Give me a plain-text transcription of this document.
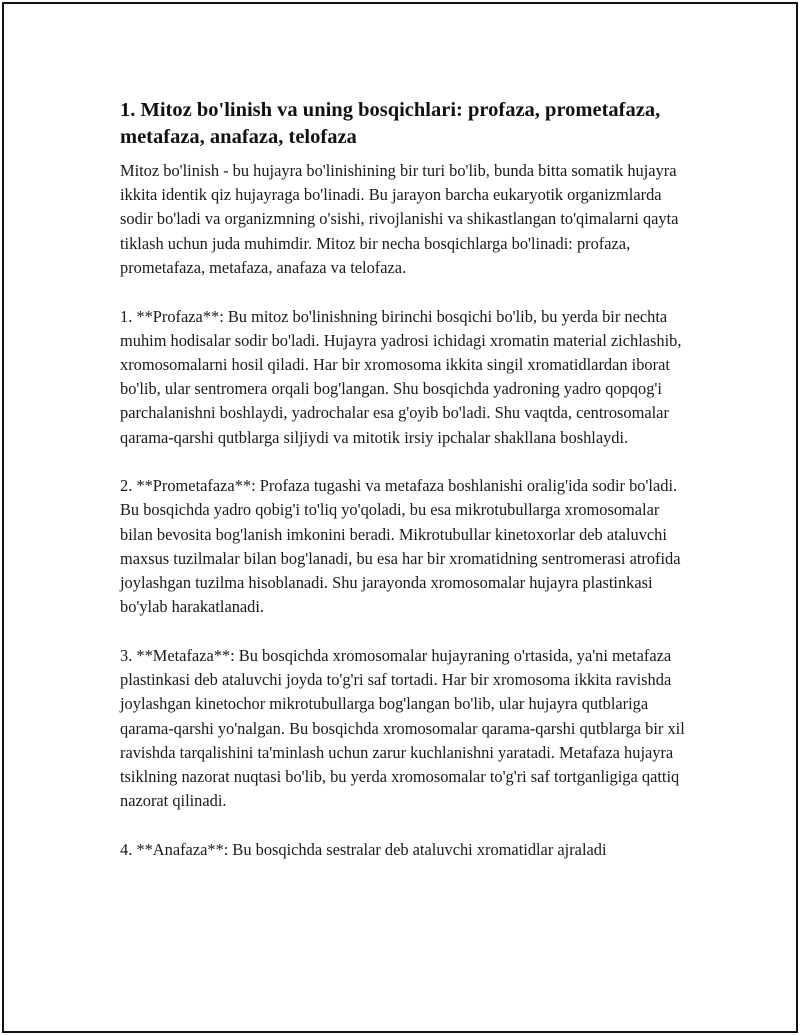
1. Mitoz bo'linish va uning bosqichlari: profaza, prometafaza, metafaza, anafaza, telofaza

Mitoz bo'linish - bu hujayra bo'linishining bir turi bo'lib, bunda bitta somatik hujayra ikkita identik qiz hujayraga bo'linadi. Bu jarayon barcha eukaryotik organizmlarda sodir bo'ladi va organizmning o'sishi, rivojlanishi va shikastlangan to'qimalarni qayta tiklash uchun juda muhimdir. Mitoz bir necha bosqichlarga bo'linadi: profaza, prometafaza, metafaza, anafaza va telofaza.

1. **Profaza**: Bu mitoz bo'linishning birinchi bosqichi bo'lib, bu yerda bir nechta muhim hodisalar sodir bo'ladi. Hujayra yadrosi ichidagi xromatin material zichlashib, xromosomalarni hosil qiladi. Har bir xromosoma ikkita singil xromatidlardan iborat bo'lib, ular sentromera orqali bog'langan. Shu bosqichda yadroning yadro qopqog'i parchalanishni boshlaydi, yadrochalar esa g'oyib bo'ladi. Shu vaqtda, centrosomalar qarama-qarshi qutblarga siljiydi va mitotik irsiy ipchalar shakllana boshlaydi.

2. **Prometafaza**: Profaza tugashi va metafaza boshlanishi oralig'ida sodir bo'ladi. Bu bosqichda yadro qobig'i to'liq yo'qoladi, bu esa mikrotubullarga xromosomalar bilan bevosita bog'lanish imkonini beradi. Mikrotubullar kinetoxorlar deb ataluvchi maxsus tuzilmalar bilan bog'lanadi, bu esa har bir xromatidning sentromerasi atrofida joylashgan tuzilma hisoblanadi. Shu jarayonda xromosomalar hujayra plastinkasi bo'ylab harakatlanadi.

3. **Metafaza**: Bu bosqichda xromosomalar hujayraning o'rtasida, ya'ni metafaza plastinkasi deb ataluvchi joyda to'g'ri saf tortadi. Har bir xromosoma ikkita ravishda joylashgan kinetochor mikrotubullarga bog'langan bo'lib, ular hujayra qutblariga qarama-qarshi yo'nalgan. Bu bosqichda xromosomalar qarama-qarshi qutblarga bir xil ravishda tarqalishini ta'minlash uchun zarur kuchlanishni yaratadi. Metafaza hujayra tsiklning nazorat nuqtasi bo'lib, bu yerda xromosomalar to'g'ri saf tortganligiga qattiq nazorat qilinadi.

4. **Anafaza**: Bu bosqichda sestralar deb ataluvchi xromatidlar ajraladi
